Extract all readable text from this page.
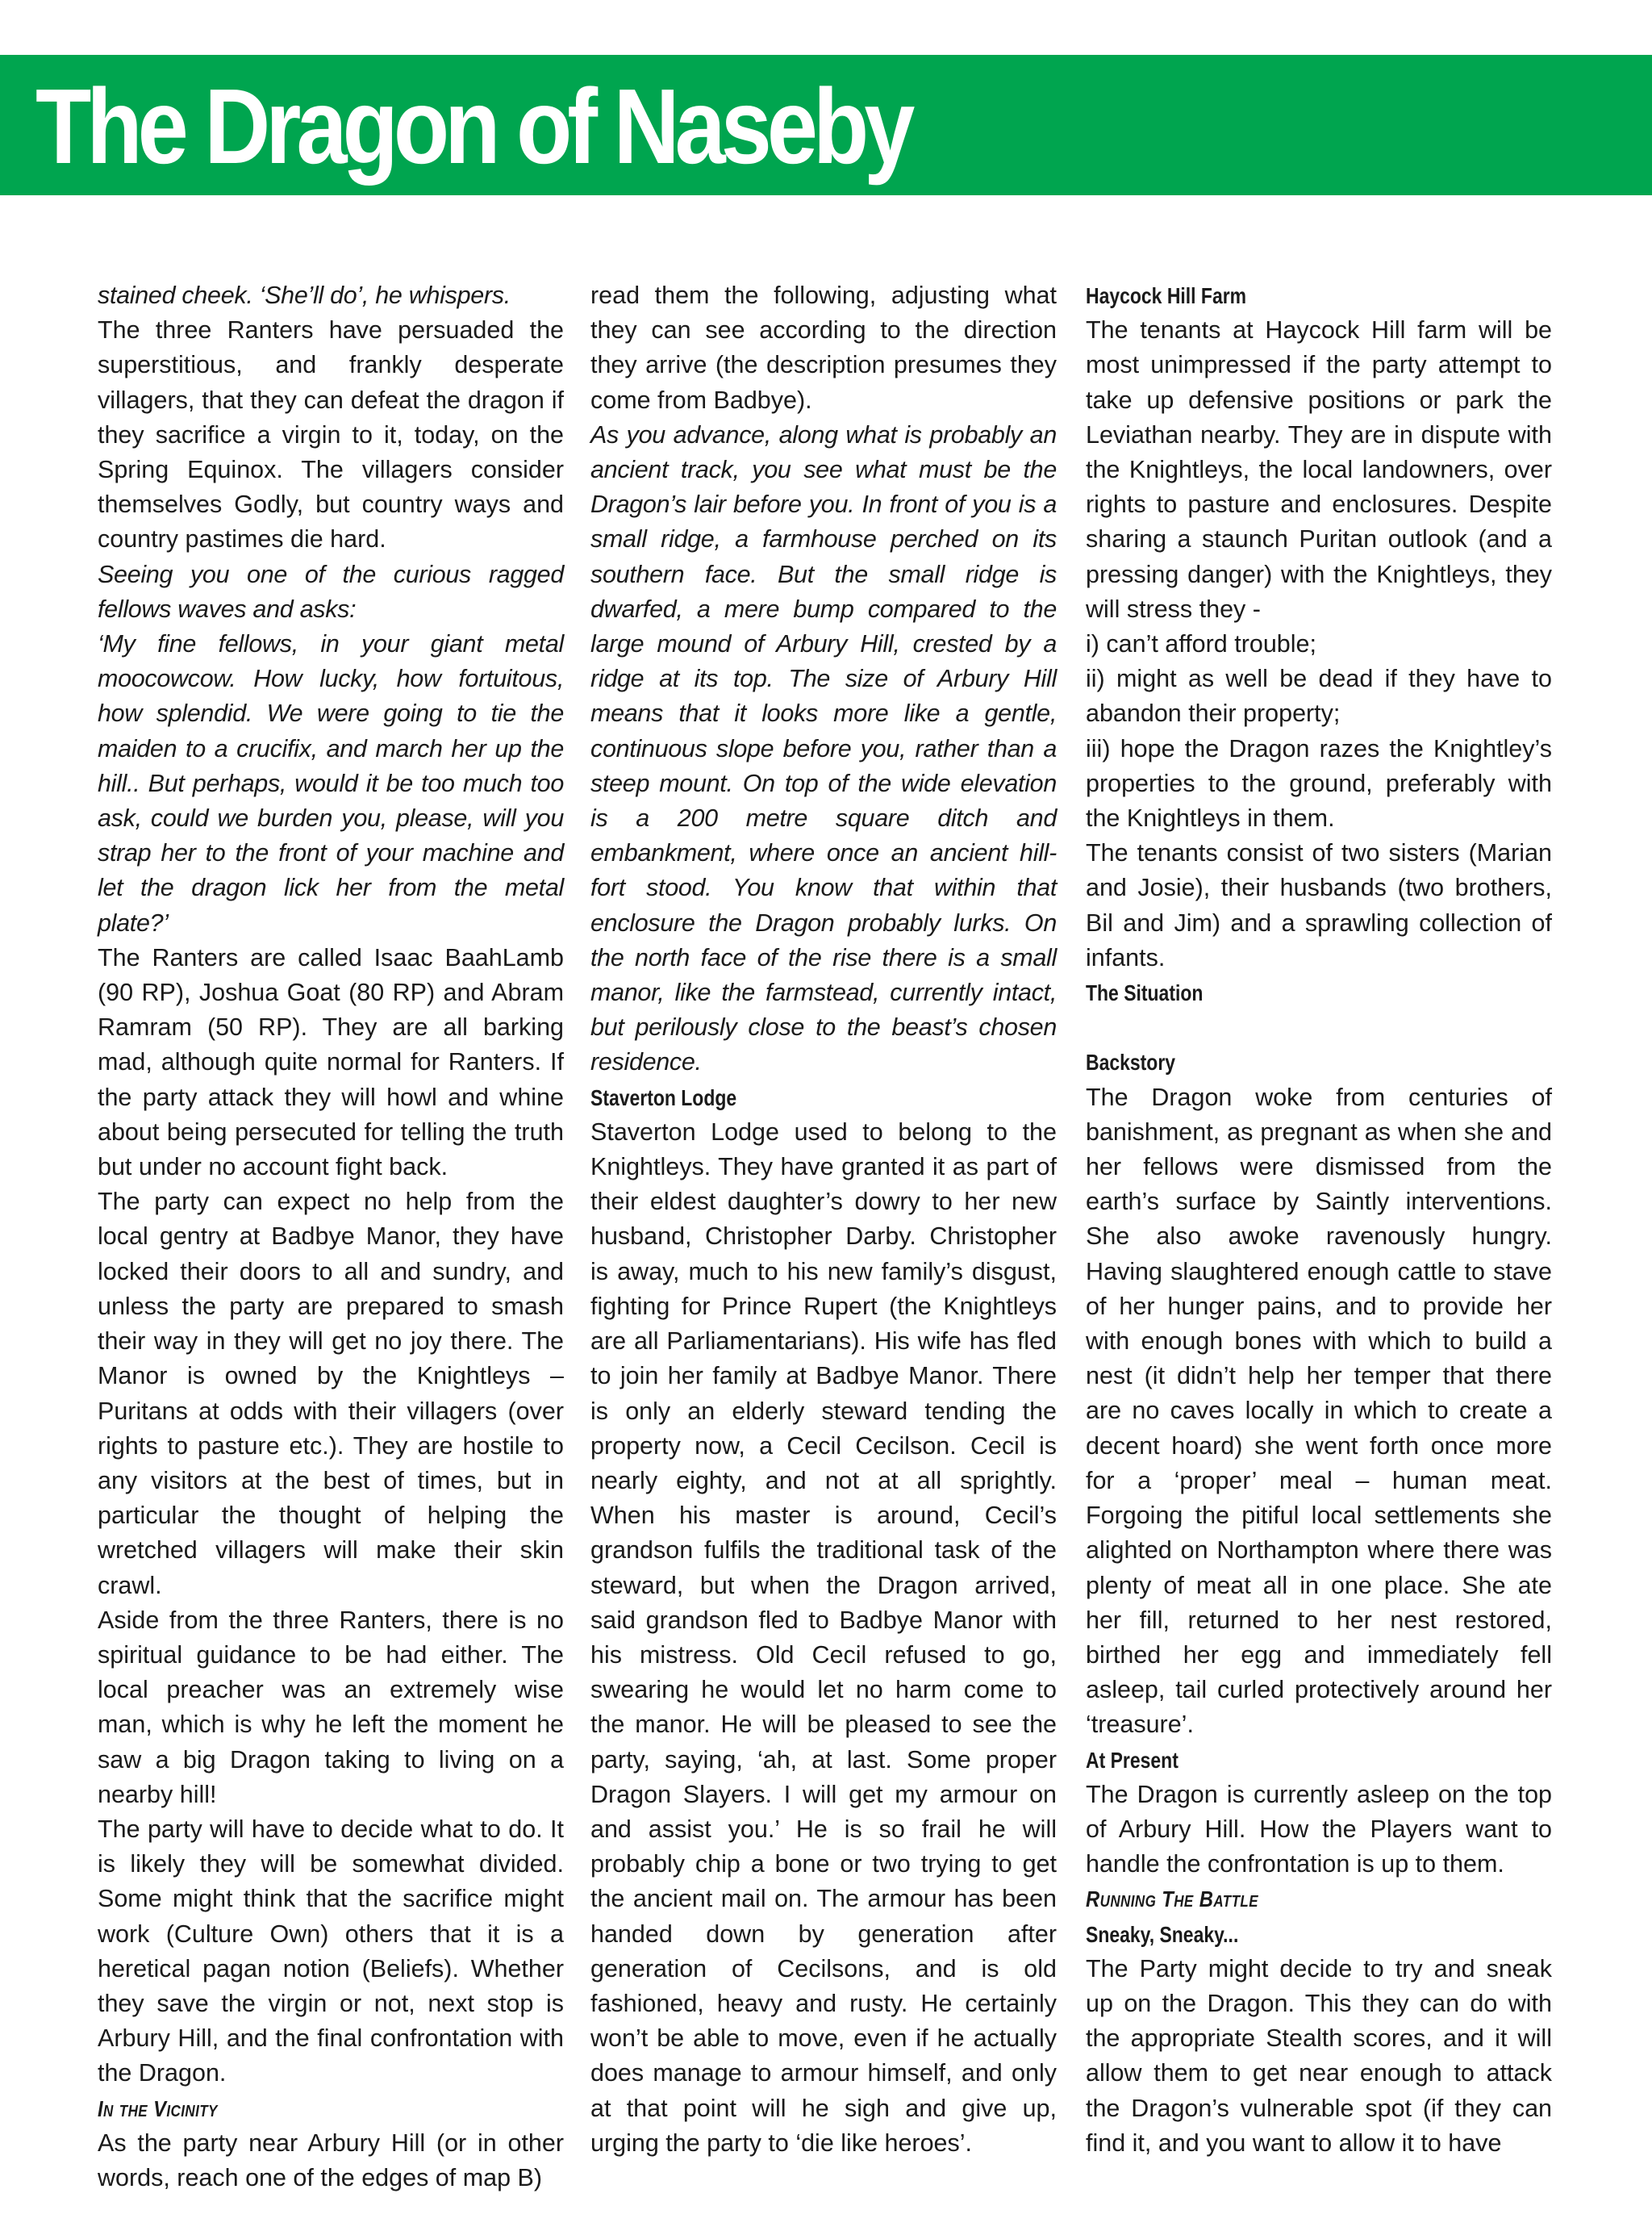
The Dragon of Naseby

stained cheek. ‘She’ll do’, he whispers.

The three Ranters have persuaded the superstitious, and frankly desperate villagers, that they can defeat the dragon if they sacrifice a virgin to it, today, on the Spring Equinox. The villagers consider themselves Godly, but country ways and country pastimes die hard.

Seeing you one of the curious ragged fellows waves and asks:

‘My fine fellows, in your giant metal moocowcow. How lucky, how fortuitous, how splendid. We were going to tie the maiden to a crucifix, and march her up the hill.. But perhaps, would it be too much too ask, could we burden you, please, will you strap her to the front of your machine and let the dragon lick her from the metal plate?’

The Ranters are called Isaac BaahLamb (90 RP), Joshua Goat (80 RP) and Abram Ramram (50 RP). They are all barking mad, although quite normal for Ranters. If the party attack they will howl and whine about being persecuted for telling the truth but under no account fight back.

The party can expect no help from the local gentry at Badbye Manor, they have locked their doors to all and sundry, and unless the party are prepared to smash their way in they will get no joy there. The Manor is owned by the Knightleys – Puritans at odds with their villagers (over rights to pasture etc.). They are hostile to any visitors at the best of times, but in particular the thought of helping the wretched villagers will make their skin crawl.

Aside from the three Ranters, there is no spiritual guidance to be had either. The local preacher was an extremely wise man, which is why he left the moment he saw a big Dragon taking to living on a nearby hill!

The party will have to decide what to do. It is likely they will be somewhat divided. Some might think that the sacrifice might work (Culture Own) others that it is a heretical pagan notion (Beliefs). Whether they save the virgin or not, next stop is Arbury Hill, and the final confrontation with the Dragon.

In the Vicinity

As the party near Arbury Hill (or in other words, reach one of the edges of map B)

read them the following, adjusting what they can see according to the direction they arrive (the description presumes they come from Badbye).

As you advance, along what is probably an ancient track, you see what must be the Dragon’s lair before you. In front of you is a small ridge, a farmhouse perched on its southern face. But the small ridge is dwarfed, a mere bump compared to the large mound of Arbury Hill, crested by a ridge at its top. The size of Arbury Hill means that it looks more like a gentle, continuous slope before you, rather than a steep mount. On top of the wide elevation is a 200 metre square ditch and embankment, where once an ancient hill-fort stood. You know that within that enclosure the Dragon probably lurks. On the north face of the rise there is a small manor, like the farmstead, currently intact, but perilously close to the beast’s chosen residence.

Staverton Lodge

Staverton Lodge used to belong to the Knightleys. They have granted it as part of their eldest daughter’s dowry to her new husband, Christopher Darby. Christopher is away, much to his new family’s disgust, fighting for Prince Rupert (the Knightleys are all Parliamentarians). His wife has fled to join her family at Badbye Manor. There is only an elderly steward tending the property now, a Cecil Cecilson. Cecil is nearly eighty, and not at all sprightly. When his master is around, Cecil’s grandson fulfils the traditional task of the steward, but when the Dragon arrived, said grandson fled to Badbye Manor with his mistress. Old Cecil refused to go, swearing he would let no harm come to the manor. He will be pleased to see the party, saying, ‘ah, at last. Some proper Dragon Slayers. I will get my armour on and assist you.’ He is so frail he will probably chip a bone or two trying to get the ancient mail on. The armour has been handed down by generation after generation of Cecilsons, and is old fashioned, heavy and rusty. He certainly won’t be able to move, even if he actually does manage to armour himself, and only at that point will he sigh and give up, urging the party to ‘die like heroes’.

Haycock Hill Farm

The tenants at Haycock Hill farm will be most unimpressed if the party attempt to take up defensive positions or park the Leviathan nearby. They are in dispute with the Knightleys, the local landowners, over rights to pasture and enclosures. Despite sharing a staunch Puritan outlook (and a pressing danger) with the Knightleys, they will stress they -

i) can’t afford trouble;

ii) might as well be dead if they have to abandon their property;

iii) hope the Dragon razes the Knightley’s properties to the ground, preferably with the Knightleys in them.

The tenants consist of two sisters (Marian and Josie), their husbands (two brothers, Bil and Jim) and a sprawling collection of infants.

The Situation

Backstory

The Dragon woke from centuries of banishment, as pregnant as when she and her fellows were dismissed from the earth’s surface by Saintly interventions. She also awoke ravenously hungry. Having slaughtered enough cattle to stave of her hunger pains, and to provide her with enough bones with which to build a nest (it didn’t help her temper that there are no caves locally in which to create a decent hoard) she went forth once more for a ‘proper’ meal – human meat. Forgoing the pitiful local settlements she alighted on Northampton where there was plenty of meat all in one place. She ate her fill, returned to her nest restored, birthed her egg and immediately fell asleep, tail curled protectively around her ‘treasure’.

At Present

The Dragon is currently asleep on the top of Arbury Hill. How the Players want to handle the confrontation is up to them.

Running The Battle

Sneaky, Sneaky...

The Party might decide to try and sneak up on the Dragon. This they can do with the appropriate Stealth scores, and it will allow them to get near enough to attack the Dragon’s vulnerable spot (if they can find it, and you want to allow it to have
